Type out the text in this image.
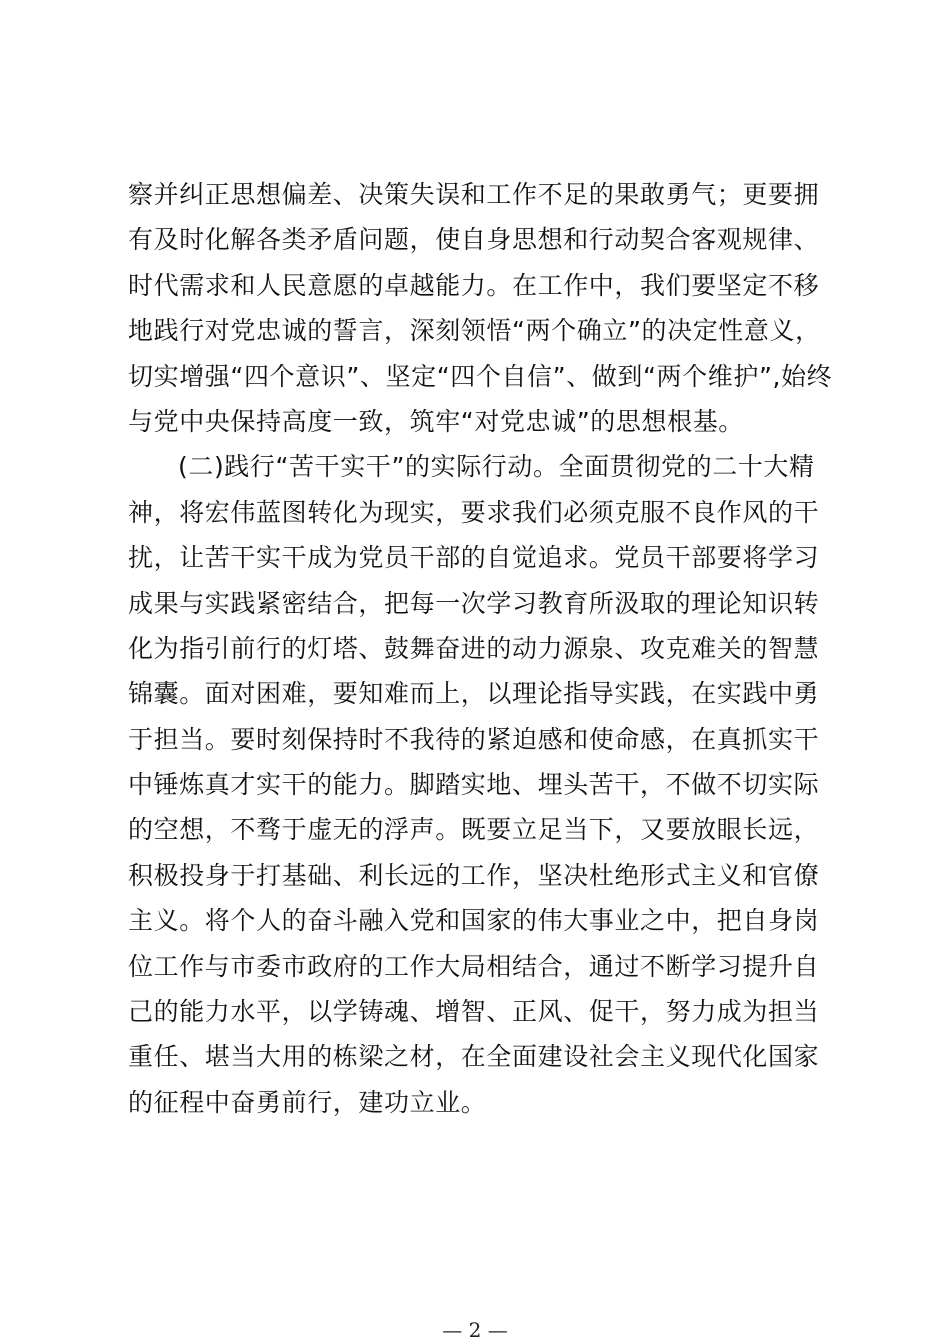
察并纠正思想偏差、决策失误和工作不足的果敢勇气；更要拥
有及时化解各类矛盾问题，使自身思想和行动契合客观规律、
时代需求和人民意愿的卓越能力。在工作中，我们要坚定不移
地践行对党忠诚的誓言，深刻领悟“两个确立”的决定性意义，
切实增强“四个意识”、坚定“四个自信”、做到“两个维护”,始终
与党中央保持高度一致，筑牢“对党忠诚”的思想根基。
(二)践行“苦干实干”的实际行动。全面贯彻党的二十大精
神，将宏伟蓝图转化为现实，要求我们必须克服不良作风的干
扰，让苦干实干成为党员干部的自觉追求。党员干部要将学习
成果与实践紧密结合，把每一次学习教育所汲取的理论知识转
化为指引前行的灯塔、鼓舞奋进的动力源泉、攻克难关的智慧
锦囊。面对困难，要知难而上，以理论指导实践，在实践中勇
于担当。要时刻保持时不我待的紧迫感和使命感，在真抓实干
中锤炼真才实干的能力。脚踏实地、埋头苦干，不做不切实际
的空想，不骛于虚无的浮声。既要立足当下，又要放眼长远，
积极投身于打基础、利长远的工作，坚决杜绝形式主义和官僚
主义。将个人的奋斗融入党和国家的伟大事业之中，把自身岗
位工作与市委市政府的工作大局相结合，通过不断学习提升自
己的能力水平，以学铸魂、增智、正风、促干，努力成为担当
重任、堪当大用的栋梁之材，在全面建设社会主义现代化国家
的征程中奋勇前行，建功立业。
— 2 —
